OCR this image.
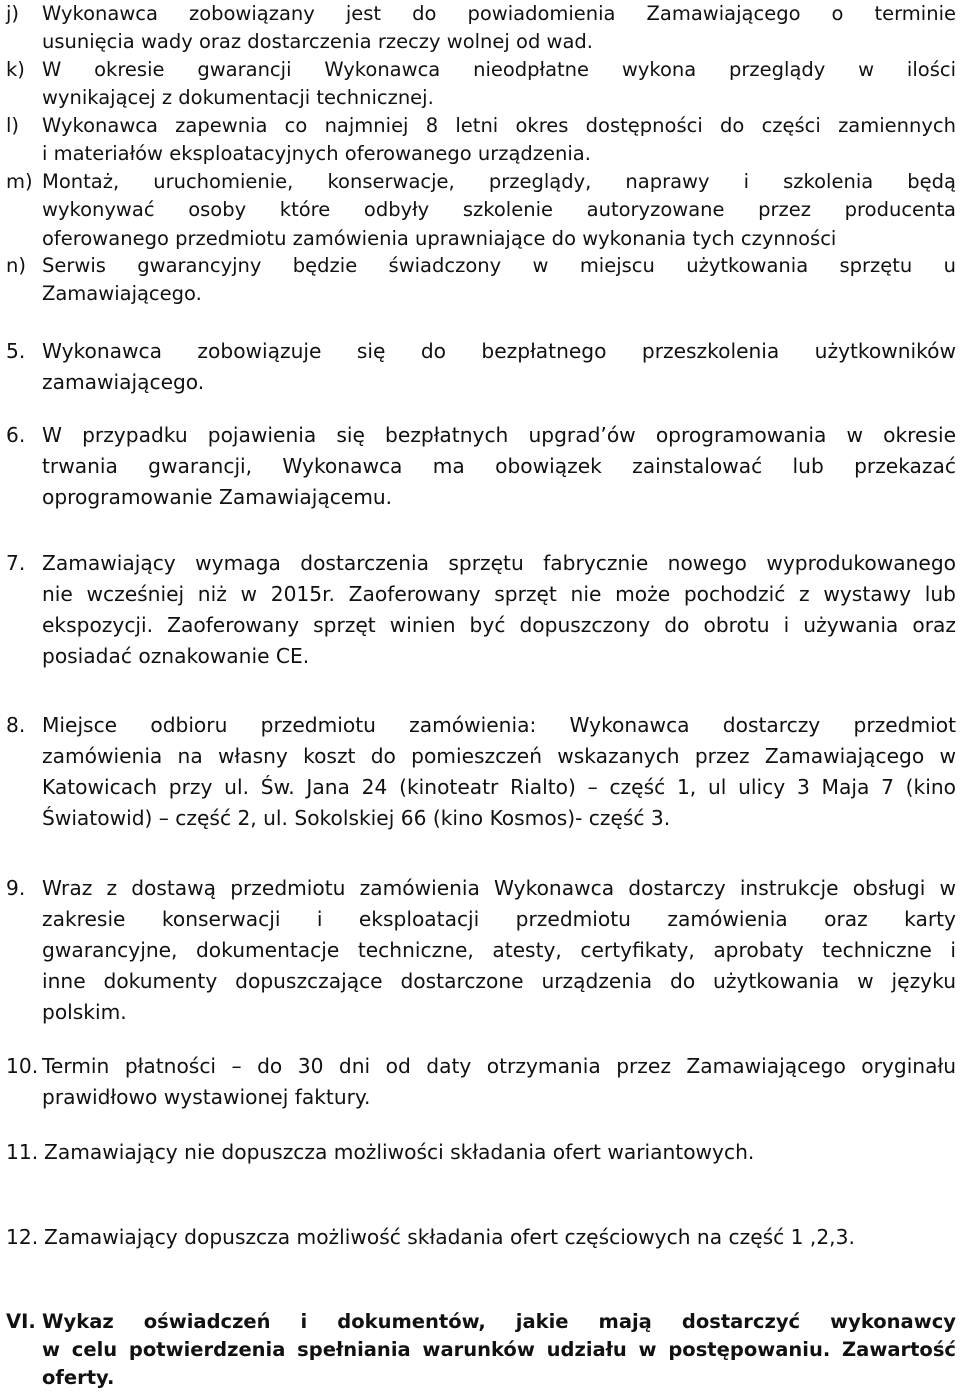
j) Wykonawca zobowiązany jest do powiadomienia Zamawiającego o terminie
usunięcia wady oraz dostarczenia rzeczy wolnej od wad.
k) W okresie gwarancji Wykonawca nieodpłatne wykona przeglądy w ilości
wynikającej z dokumentacji technicznej.
l) Wykonawca zapewnia co najmniej 8 letni okres dostępności do części zamiennych
i materiałów eksploatacyjnych oferowanego urządzenia.
m) Montaż, uruchomienie, konserwacje, przeglądy, naprawy i szkolenia będą
wykonywać osoby które odbyły szkolenie autoryzowane przez producenta
oferowanego przedmiotu zamówienia uprawniające do wykonania tych czynności
n) Serwis gwarancyjny będzie świadczony w miejscu użytkowania sprzętu u
Zamawiającego.
5. Wykonawca zobowiązuje się do bezpłatnego przeszkolenia użytkowników
zamawiającego.
6. W przypadku pojawienia się bezpłatnych upgrad’ów oprogramowania w okresie
trwania gwarancji, Wykonawca ma obowiązek zainstalować lub przekazać
oprogramowanie Zamawiającemu.
7. Zamawiający wymaga dostarczenia sprzętu fabrycznie nowego wyprodukowanego
nie wcześniej niż w 2015r. Zaoferowany sprzęt nie może pochodzić z wystawy lub
ekspozycji. Zaoferowany sprzęt winien być dopuszczony do obrotu i używania oraz
posiadać oznakowanie CE.
8. Miejsce odbioru przedmiotu zamówienia: Wykonawca dostarczy przedmiot
zamówienia na własny koszt do pomieszczeń wskazanych przez Zamawiającego w
Katowicach przy ul. Św. Jana 24 (kinoteatr Rialto) – część 1, ul ulicy 3 Maja 7 (kino
Światowid) – część 2, ul. Sokolskiej 66 (kino Kosmos)- część 3.
9. Wraz z dostawą przedmiotu zamówienia Wykonawca dostarczy instrukcje obsługi w
zakresie konserwacji i eksploatacji przedmiotu zamówienia oraz karty
gwarancyjne, dokumentacje techniczne, atesty, certyfikaty, aprobaty techniczne i
inne dokumenty dopuszczające dostarczone urządzenia do użytkowania w języku
polskim.
10. Termin płatności – do 30 dni od daty otrzymania przez Zamawiającego oryginału
prawidłowo wystawionej faktury.
11. Zamawiający nie dopuszcza możliwości składania ofert wariantowych.
12. Zamawiający dopuszcza możliwość składania ofert częściowych na część 1 ,2,3.
VI. Wykaz oświadczeń i dokumentów, jakie mają dostarczyć wykonawcy
w celu potwierdzenia spełniania warunków udziału w postępowaniu. Zawartość
oferty.
